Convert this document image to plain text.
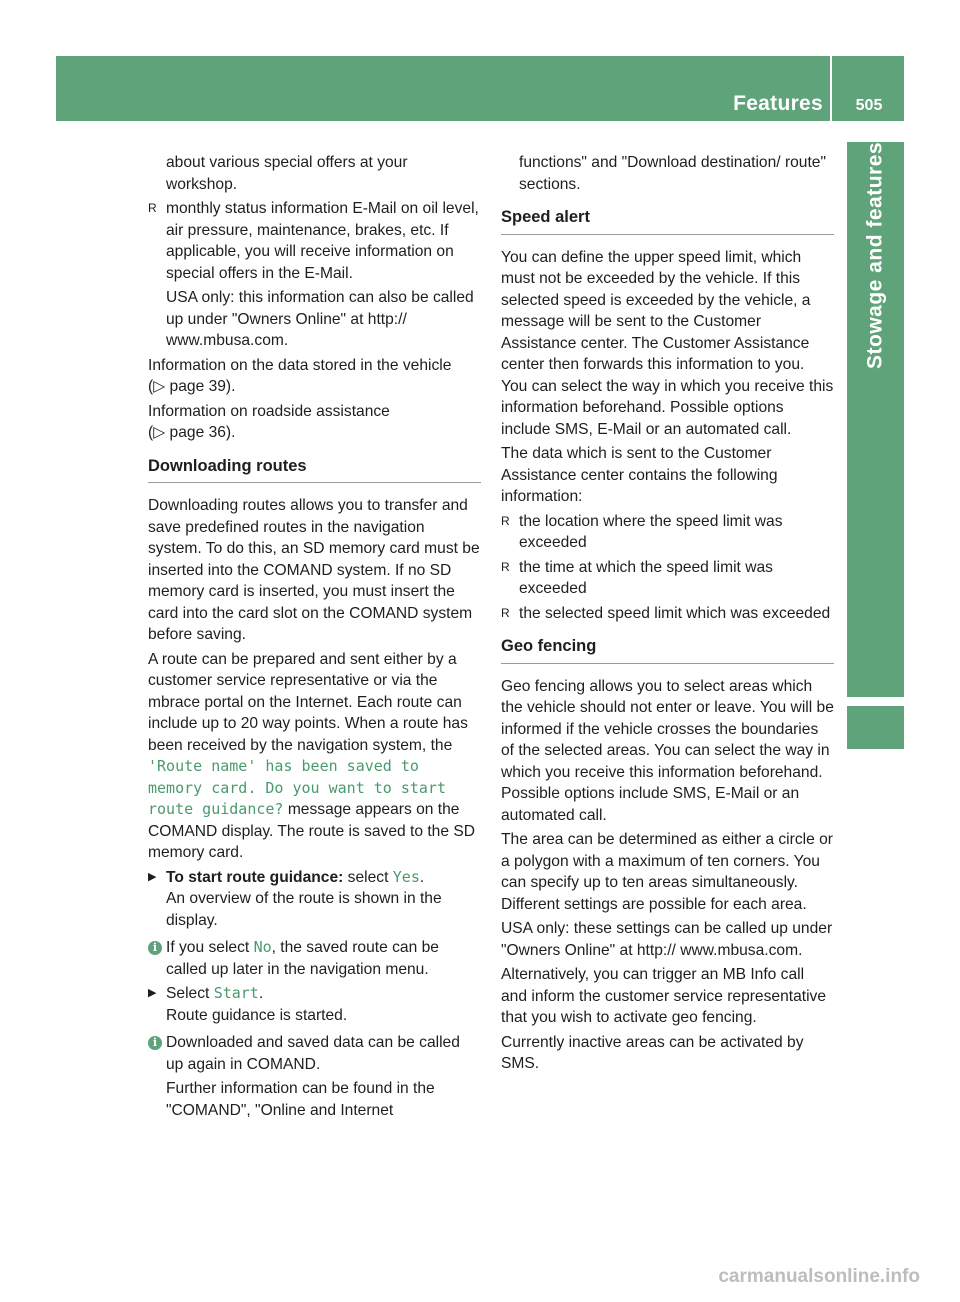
Features	505
Stowage and features

about various special offers at your workshop.

R monthly status information E-Mail on oil level, air pressure, maintenance, brakes, etc. If applicable, you will receive information on special offers in the E-Mail.

USA only: this information can also be called up under "Owners Online" at http:// www.mbusa.com.

Information on the data stored in the vehicle
(▷ page 39).

Information on roadside assistance
(▷ page 36).

Downloading routes

Downloading routes allows you to transfer and save predefined routes in the navigation system. To do this, an SD memory card must be inserted into the COMAND system. If no SD memory card is inserted, you must insert the card into the card slot on the COMAND system before saving.

A route can be prepared and sent either by a customer service representative or via the mbrace portal on the Internet. Each route can include up to 20 way points. When a route has been received by the navigation system, the 'Route name' has been saved to memory card. Do you want to start route guidance? message appears on the COMAND display. The route is saved to the SD memory card.

▶ To start route guidance: select Yes.
An overview of the route is shown in the display.
i If you select No, the saved route can be called up later in the navigation menu.
▶ Select Start.
Route guidance is started.
i Downloaded and saved data can be called up again in COMAND.

Further information can be found in the "COMAND", "Online and Internet

functions" and "Download destination/ route" sections.

Speed alert

You can define the upper speed limit, which must not be exceeded by the vehicle. If this selected speed is exceeded by the vehicle, a message will be sent to the Customer Assistance center. The Customer Assistance center then forwards this information to you. You can select the way in which you receive this information beforehand. Possible options include SMS, E-Mail or an automated call.

The data which is sent to the Customer Assistance center contains the following information:

R the location where the speed limit was exceeded
R the time at which the speed limit was exceeded
R the selected speed limit which was exceeded
Geo fencing

Geo fencing allows you to select areas which the vehicle should not enter or leave. You will be informed if the vehicle crosses the boundaries of the selected areas. You can select the way in which you receive this information beforehand. Possible options include SMS, E-Mail or an automated call.

The area can be determined as either a circle or a polygon with a maximum of ten corners. You can specify up to ten areas simultaneously. Different settings are possible for each area.

USA only: these settings can be called up under "Owners Online" at http:// www.mbusa.com.

Alternatively, you can trigger an MB Info call and inform the customer service representative that you wish to activate geo fencing.

Currently inactive areas can be activated by SMS.

carmanualsonline.info
